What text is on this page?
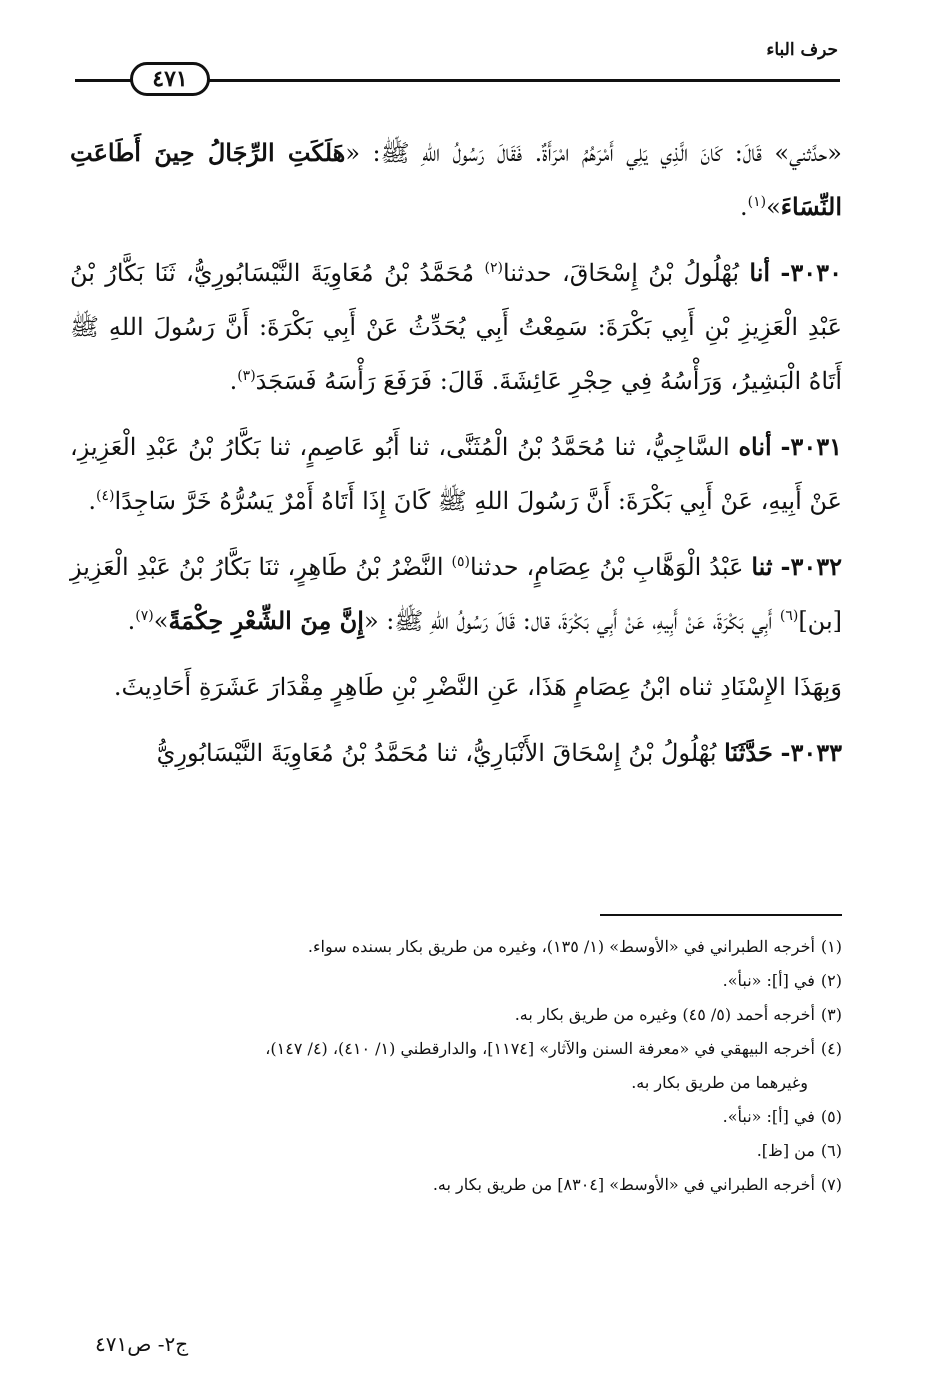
حرف الباء
٤٧١

«حدَّثني» قَالَ: كَانَ الَّذِي يَلِي أَمْرَهُمُ امْرَأَةٌ. فَقَالَ رَسُولُ اللهِ ﷺ: «هَلَكَتِ الرِّجَالُ حِينَ أَطَاعَتِ النِّسَاءَ»$^{(١)}$.

٣٠٣٠- أنا بُهْلُولُ بْنُ إِسْحَاقَ، حدثنا$^{(٢)}$ مُحَمَّدُ بْنُ مُعَاوِيَةَ النَّيْسَابُورِيُّ، ثَنَا بَكَّارُ بْنُ عَبْدِ الْعَزِيزِ بْنِ أَبِي بَكْرَةَ: سَمِعْتُ أَبِي يُحَدِّثُ عَنْ أَبِي بَكْرَةَ: أَنَّ رَسُولَ اللهِ ﷺ أَتَاهُ الْبَشِيرُ، وَرَأْسُهُ فِي حِجْرِ عَائِشَةَ. قَالَ: فَرَفَعَ رَأْسَهُ فَسَجَدَ$^{(٣)}$.

٣٠٣١- أناه السَّاجِيُّ، ثنا مُحَمَّدُ بْنُ الْمُثَنَّى، ثنا أَبُو عَاصِمٍ، ثنا بَكَّارُ بْنُ عَبْدِ الْعَزِيزِ، عَنْ أَبِيهِ، عَنْ أَبِي بَكْرَةَ: أَنَّ رَسُولَ اللهِ ﷺ كَانَ إِذَا أَتَاهُ أَمْرٌ يَسُرُّهُ خَرَّ سَاجِدًا$^{(٤)}$.

٣٠٣٢- ثنا عَبْدُ الْوَهَّابِ بْنُ عِصَامٍ، حدثنا$^{(٥)}$ النَّضْرُ بْنُ طَاهِرٍ، ثنَا بَكَّارُ بْنُ عَبْدِ الْعَزِيزِ [بن]$^{(٦)}$ أَبِي بَكْرَةَ، عَنْ أَبِيهِ، عَنْ أَبِي بَكْرَةَ، قال: قَالَ رَسُولُ اللهِ ﷺ: «إِنَّ مِنَ الشِّعْرِ حِكْمَةً»$^{(٧)}$.

وَبِهَذَا الإِسْنَادِ ثناه ابْنُ عِصَامٍ هَذَا، عَنِ النَّضْرِ بْنِ طَاهِرٍ مِقْدَارَ عَشَرَةِ أَحَادِيثَ.

٣٠٣٣- حَدَّثَنَا بُهْلُولُ بْنُ إِسْحَاقَ الأَنْبَارِيُّ، ثنا مُحَمَّدُ بْنُ مُعَاوِيَةَ النَّيْسَابُورِيُّ

(١)أخرجه الطبراني في «الأوسط» (١/ ١٣٥)، وغيره من طريق بكار بسنده سواء.

(٢)في [أ]: «نبأ».

(٣)أخرجه أحمد (٥/ ٤٥) وغيره من طريق بكار به.

(٤)أخرجه البيهقي في «معرفة السنن والآثار» [١١٧٤]، والدارقطني (١/ ٤١٠)، (٤/ ١٤٧)،
وغيرهما من طريق بكار به.

(٥)في [أ]: «نبأ».

(٦)من [ظ].

(٧)أخرجه الطبراني في «الأوسط» [٨٣٠٤] من طريق بكار به.

ج٢- ص٤٧١
